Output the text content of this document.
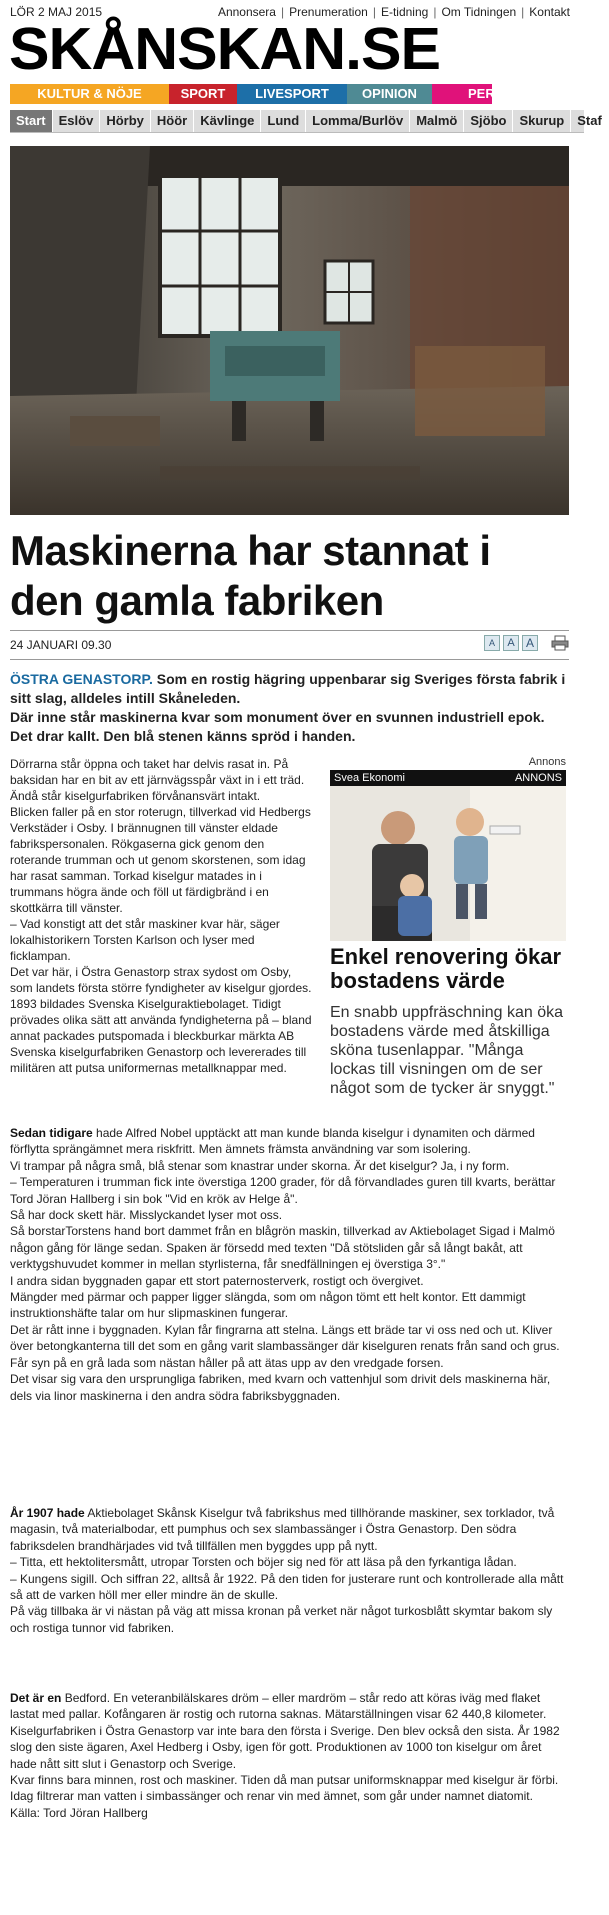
LÖR 2 MAJ 2015	Annonsera | Prenumeration | E-tidning | Om Tidningen | Kontakt
SKÅNSKAN.SE
KULTUR & NÖJE	SPORT	LIVESPORT	OPINION	PER
Start	Eslöv	Hörby	Höör	Kävlinge	Lund	Lomma/Burlöv	Malmö	Sjöbo	Skurup	Staf
Maskinerna har stannat i den gamla fabriken
24 JANUARI 09.30	A	A A
ÖSTRA GENASTORP. Som en rostig hägring uppenbarar sig Sveriges första fabrik i sitt slag, alldeles intill Skåneleden.
Där inne står maskinerna kvar som monument över en svunnen industriell epok. Det drar kallt. Den blå stenen känns spröd i handen.

Dörrarna står öppna och taket har delvis rasat in. På baksidan har en bit av ett järnvägsspår växt in i ett träd. Ändå står kiselgurfabriken förvånansvärt intakt.

Blicken faller på en stor roterugn, tillverkad vid Hedbergs Verkstäder i Osby. I brännugnen till vänster eldade fabrikspersonalen. Rökgaserna gick genom den roterande trumman och ut genom skorstenen, som idag har rasat samman. Torkad kiselgur matades in i trummans högra ände och föll ut färdigbränd i en skottkärra till vänster.

– Vad konstigt att det står maskiner kvar här, säger lokalhistorikern Torsten Karlson och lyser med ficklampan.

Det var här, i Östra Genastorp strax sydost om Osby, som landets första större fyndigheter av kiselgur gjordes.

1893 bildades Svenska Kiselguraktiebolaget. Tidigt prövades olika sätt att använda fyndigheterna på – bland annat packades putspomada i bleckburkar märkta AB Svenska kiselgurfabriken Genastorp och levererades till militären att putsa uniformernas metallknappar med.

Annons
Svea Ekonomi	ANNONS
Enkel renovering ökar bostadens värde
En snabb uppfräschning kan öka bostadens värde med åtskilliga sköna tusenlappar. "Många lockas till visningen om de ser något som de tycker är snyggt."

Sedan tidigare hade Alfred Nobel upptäckt att man kunde blanda kiselgur i dynamiten och därmed förflytta sprängämnet mera riskfritt. Men ämnets främsta användning var som isolering.

Vi trampar på några små, blå stenar som knastrar under skorna. Är det kiselgur? Ja, i ny form.

– Temperaturen i trumman fick inte överstiga 1200 grader, för då förvandlades guren till kvarts, berättar Tord Jöran Hallberg i sin bok "Vid en krök av Helge å".

Så har dock skett här. Misslyckandet lyser mot oss.

Så borstarTorstens hand bort dammet från en blågrön maskin, tillverkad av Aktiebolaget Sigad i Malmö någon gång för länge sedan. Spaken är försedd med texten "Då stötsliden går så långt bakåt, att verktygshuvudet kommer in mellan styrlisterna, får snedfällningen ej överstiga 3°."

I andra sidan byggnaden gapar ett stort paternosterverk, rostigt och övergivet.

Mängder med pärmar och papper ligger slängda, som om någon tömt ett helt kontor. Ett dammigt instruktionshäfte talar om hur slipmaskinen fungerar.

Det är rått inne i byggnaden. Kylan får fingrarna att stelna. Längs ett bräde tar vi oss ned och ut. Kliver över betongkanterna till det som en gång varit slambassänger där kiselguren renats från sand och grus. Får syn på en grå lada som nästan håller på att ätas upp av den vredgade forsen.

Det visar sig vara den ursprungliga fabriken, med kvarn och vattenhjul som drivit dels maskinerna här, dels via linor maskinerna i den andra södra fabriksbyggnaden.

År 1907 hade Aktiebolaget Skånsk Kiselgur två fabrikshus med tillhörande maskiner, sex torklador, två magasin, två materialbodar, ett pumphus och sex slambassänger i Östra Genastorp. Den södra fabriksdelen brandhärjades vid två tillfällen men byggdes upp på nytt.

– Titta, ett hektolitersmått, utropar Torsten och böjer sig ned för att läsa på den fyrkantiga lådan.

– Kungens sigill. Och siffran 22, alltså år 1922. På den tiden for justerare runt och kontrollerade alla mått så att de varken höll mer eller mindre än de skulle.

På väg tillbaka är vi nästan på väg att missa kronan på verket när något turkosblått skymtar bakom sly och rostiga tunnor vid fabriken.

Det är en Bedford. En veteranbilälskares dröm – eller mardröm – står redo att köras iväg med flaket lastat med pallar. Kofångaren är rostig och rutorna saknas. Mätarställningen visar 62 440,8 kilometer.

Kiselgurfabriken i Östra Genastorp var inte bara den första i Sverige. Den blev också den sista. År 1982 slog den siste ägaren, Axel Hedberg i Osby, igen för gott. Produktionen av 1000 ton kiselgur om året hade nått sitt slut i Genastorp och Sverige.

Kvar finns bara minnen, rost och maskiner. Tiden då man putsar uniformsknappar med kiselgur är förbi. Idag filtrerar man vatten i simbassänger och renar vin med ämnet, som går under namnet diatomit.

Källa: Tord Jöran Hallberg
